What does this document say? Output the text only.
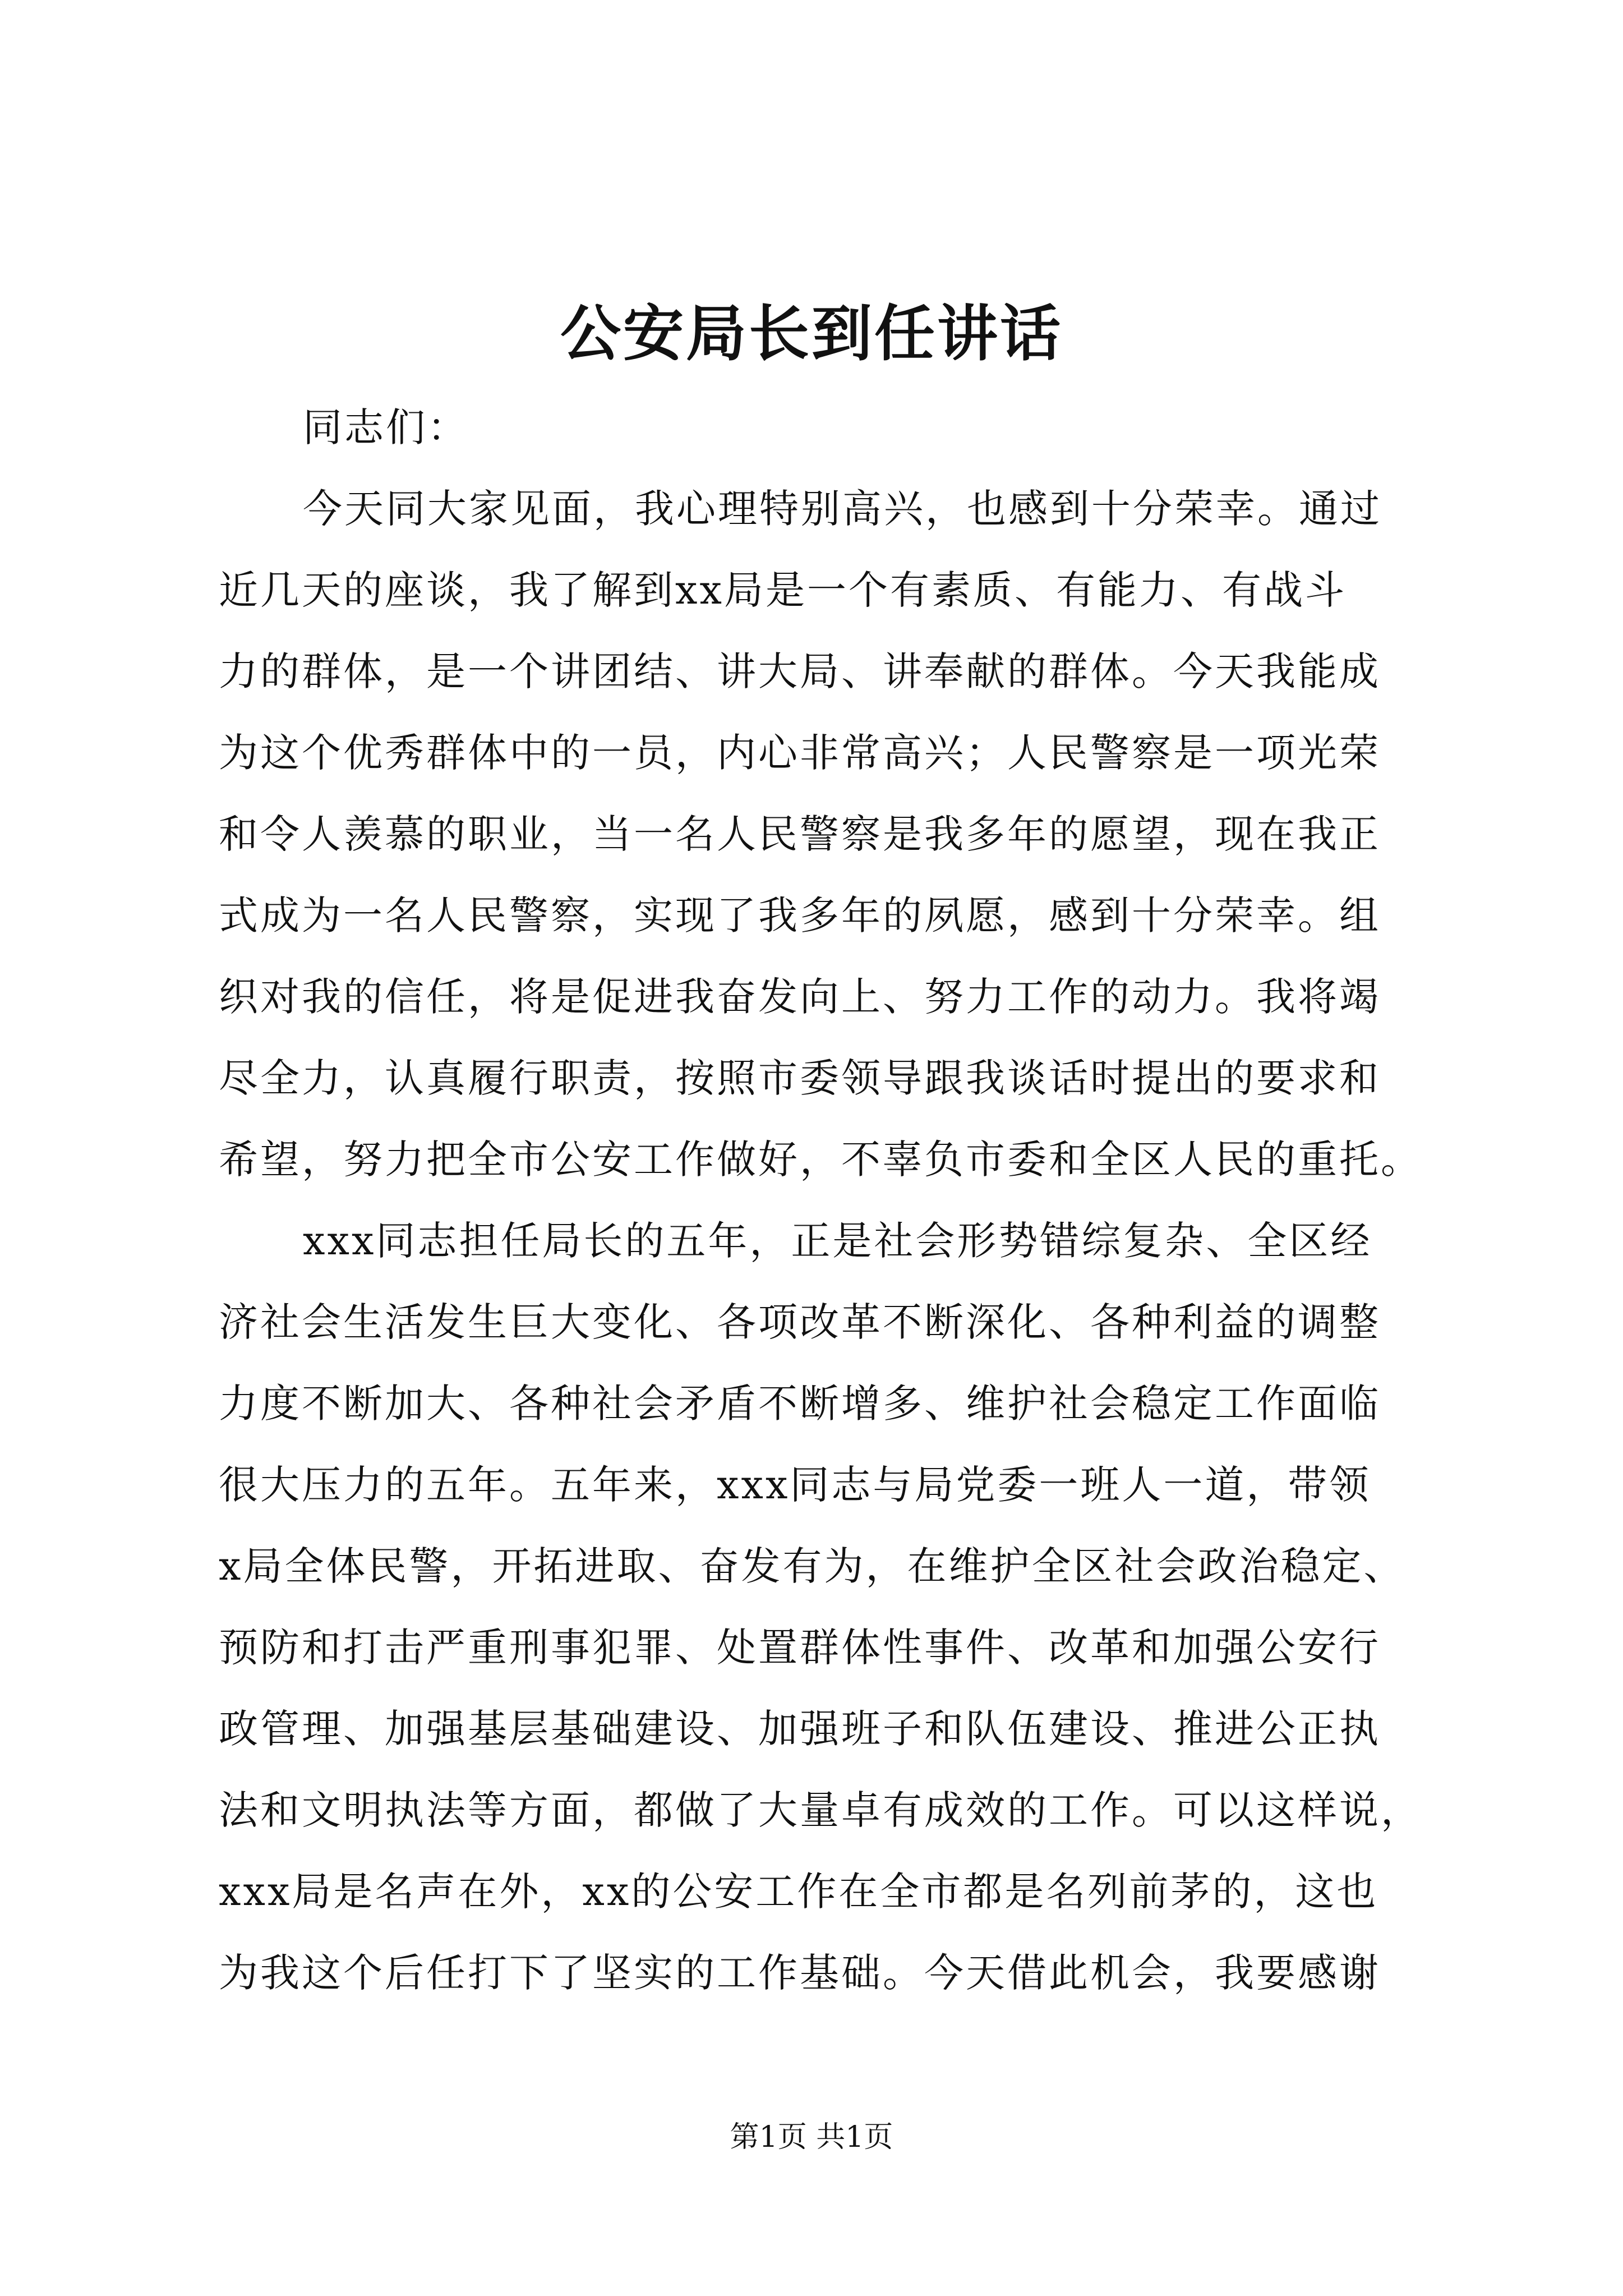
公安局长到任讲话
同志们：
今天同大家见面，我心理特别高兴，也感到十分荣幸。通过
近几天的座谈，我了解到xx局是一个有素质、有能力、有战斗
力的群体，是一个讲团结、讲大局、讲奉献的群体。今天我能成
为这个优秀群体中的一员，内心非常高兴；人民警察是一项光荣
和令人羡慕的职业，当一名人民警察是我多年的愿望，现在我正
式成为一名人民警察，实现了我多年的夙愿，感到十分荣幸。组
织对我的信任，将是促进我奋发向上、努力工作的动力。我将竭
尽全力，认真履行职责，按照市委领导跟我谈话时提出的要求和
希望，努力把全市公安工作做好，不辜负市委和全区人民的重托。
xxx同志担任局长的五年，正是社会形势错综复杂、全区经
济社会生活发生巨大变化、各项改革不断深化、各种利益的调整
力度不断加大、各种社会矛盾不断增多、维护社会稳定工作面临
很大压力的五年。五年来，xxx同志与局党委一班人一道，带领
x局全体民警，开拓进取、奋发有为，在维护全区社会政治稳定、
预防和打击严重刑事犯罪、处置群体性事件、改革和加强公安行
政管理、加强基层基础建设、加强班子和队伍建设、推进公正执
法和文明执法等方面，都做了大量卓有成效的工作。可以这样说，
xxx局是名声在外，xx的公安工作在全市都是名列前茅的，这也
为我这个后任打下了坚实的工作基础。今天借此机会，我要感谢
第1页 共1页
